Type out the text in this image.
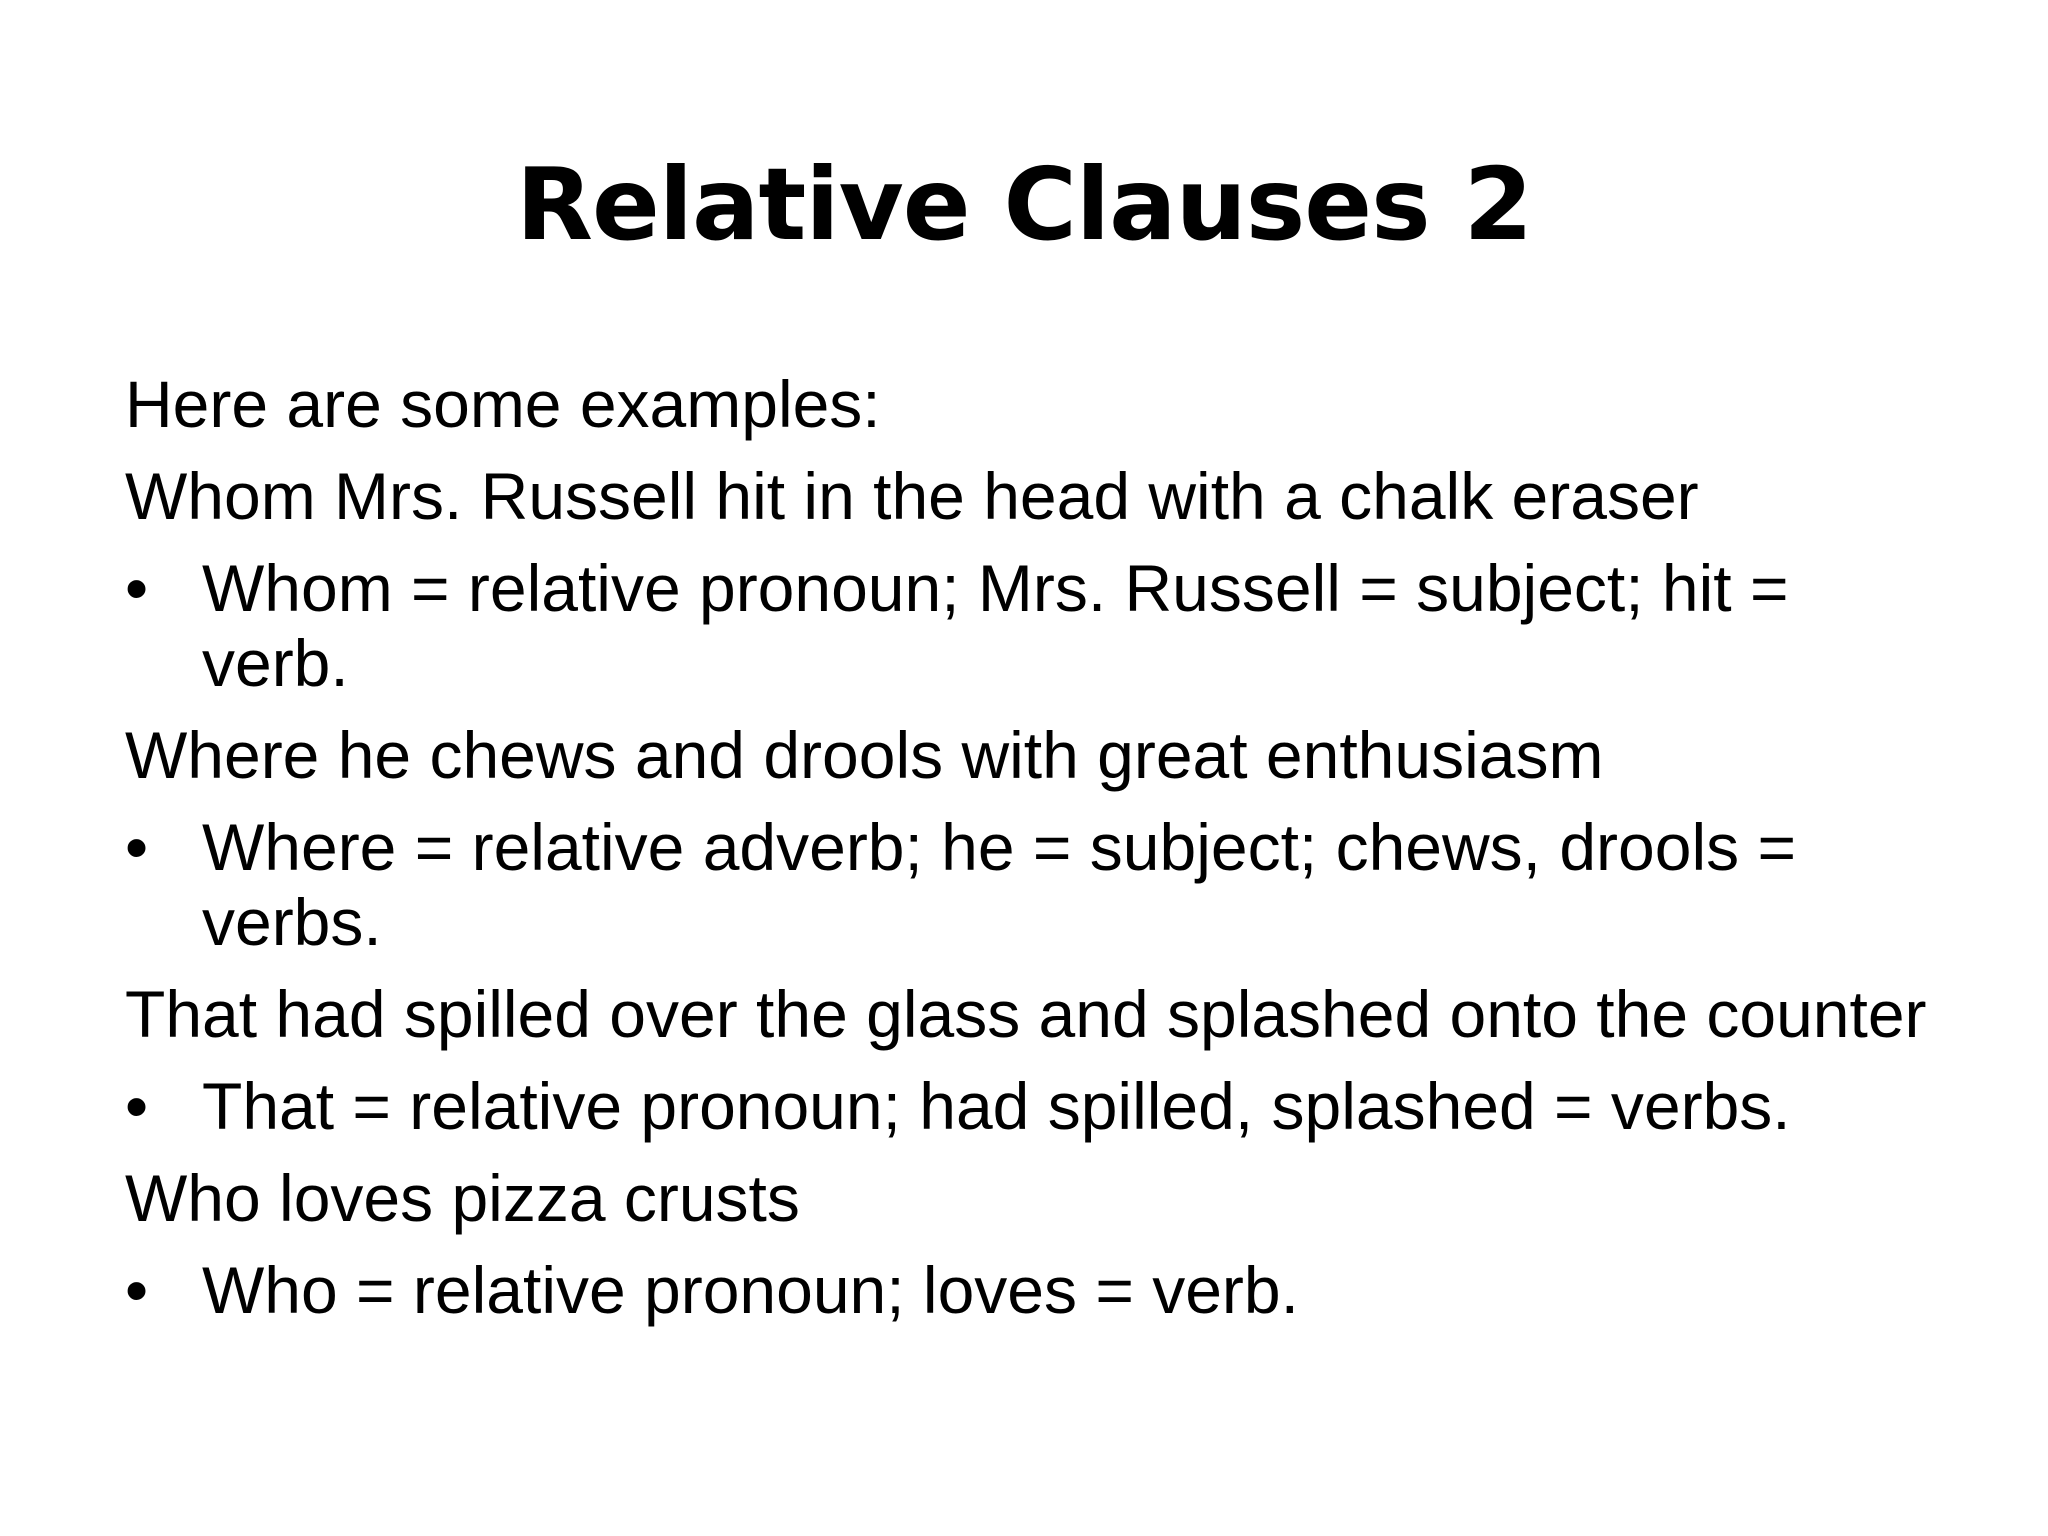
Relative Clauses 2

Here are some examples:

Whom Mrs. Russell hit in the head with a chalk eraser

• Whom = relative pronoun; Mrs. Russell = subject; hit = verb.

Where he chews and drools with great enthusiasm

• Where = relative adverb; he = subject; chews, drools = verbs.

That had spilled over the glass and splashed onto the counter

• That = relative pronoun; had spilled, splashed = verbs.

Who loves pizza crusts

• Who = relative pronoun; loves = verb.
